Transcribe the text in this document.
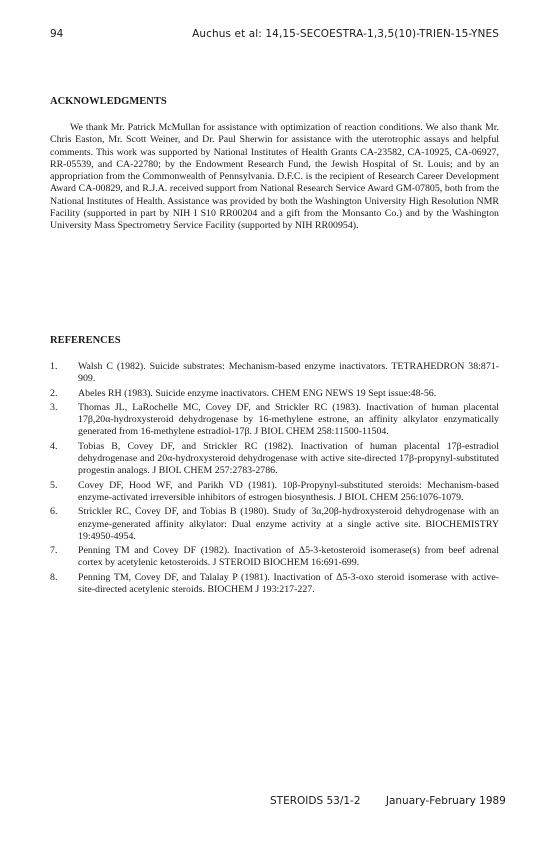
94	Auchus et al: 14,15-SECOESTRA-1,3,5(10)-TRIEN-15-YNES
ACKNOWLEDGMENTS

We thank Mr. Patrick McMullan for assistance with optimization of reaction conditions. We also thank Mr. Chris Easton, Mr. Scott Weiner, and Dr. Paul Sherwin for assistance with the uterotrophic assays and helpful comments. This work was supported by National Institutes of Health Grants CA-23582, CA-10925, CA-06927, RR-05539, and CA-22780; by the Endowment Research Fund, the Jewish Hospital of St. Louis; and by an appropriation from the Commonwealth of Pennsylvania. D.F.C. is the recipient of Research Career Development Award CA-00829, and R.J.A. received support from National Research Service Award GM-07805, both from the National Institutes of Health. Assistance was provided by both the Washington University High Resolution NMR Facility (supported in part by NIH I S10 RR00204 and a gift from the Monsanto Co.) and by the Washington University Mass Spectrometry Service Facility (supported by NIH RR00954).

REFERENCES
1. Walsh C (1982). Suicide substrates: Mechanism-based enzyme inactivators. TETRAHEDRON 38:871-909.
2. Abeles RH (1983). Suicide enzyme inactivators. CHEM ENG NEWS 19 Sept issue:48-56.
3. Thomas JL, LaRochelle MC, Covey DF, and Strickler RC (1983). Inactivation of human placental 17β,20α-hydroxysteroid dehydrogenase by 16-methylene estrone, an affinity alkylator enzymatically generated from 16-methylene estradiol-17β. J BIOL CHEM 258:11500-11504.
4. Tobias B, Covey DF, and Strickler RC (1982). Inactivation of human placental 17β-estradiol dehydrogenase and 20α-hydroxysteroid dehydrogenase with active site-directed 17β-propynyl-substituted progestin analogs. J BIOL CHEM 257:2783-2786.
5. Covey DF, Hood WF, and Parikh VD (1981). 10β-Propynyl-substituted steroids: Mechanism-based enzyme-activated irreversible inhibitors of estrogen biosynthesis. J BIOL CHEM 256:1076-1079.
6. Strickler RC, Covey DF, and Tobias B (1980). Study of 3α,20β-hydroxysteroid dehydrogenase with an enzyme-generated affinity alkylator: Dual enzyme activity at a single active site. BIOCHEMISTRY 19:4950-4954.
7. Penning TM and Covey DF (1982). Inactivation of Δ5-3-ketosteroid isomerase(s) from beef adrenal cortex by acetylenic ketosteroids. J STEROID BIOCHEM 16:691-699.
8. Penning TM, Covey DF, and Talalay P (1981). Inactivation of Δ5-3-oxo steroid isomerase with active-site-directed acetylenic steroids. BIOCHEM J 193:217-227.
STEROIDS 53/1-2 January-February 1989
